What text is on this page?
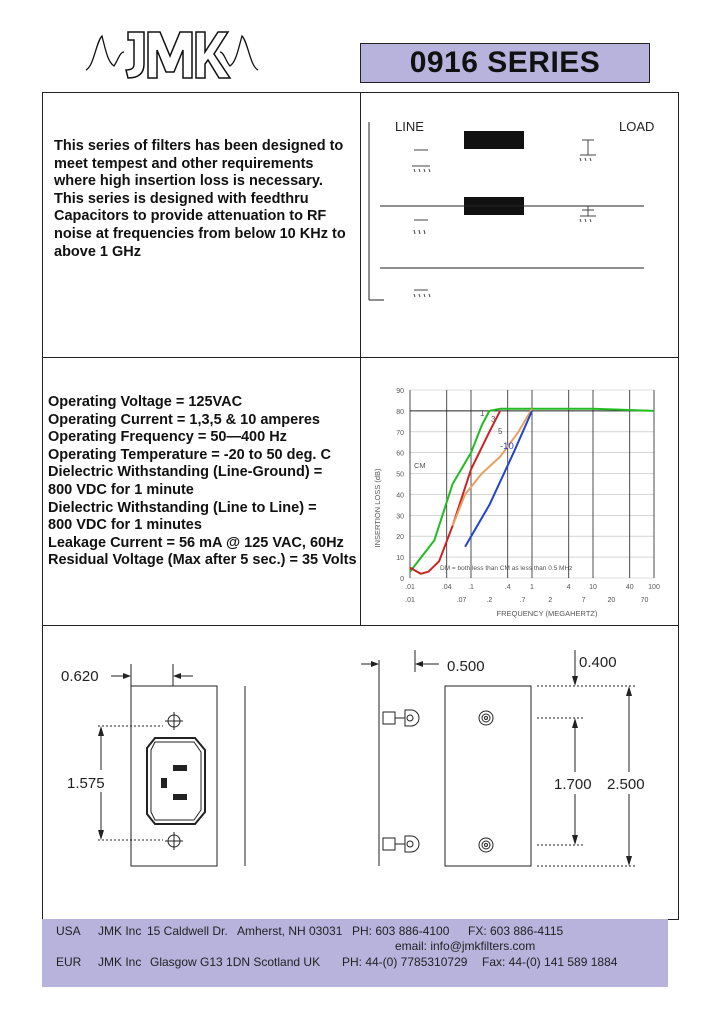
0916 SERIES
This series of filters has been designed to
meet tempest and other requirements
where high insertion loss is necessary.
This series is designed with feedthru
Capacitors to provide attenuation to RF
noise at frequencies from below 10 KHz to
above 1 GHz
LINE	LOAD
Operating Voltage = 125VAC
Operating Current = 1,3,5 & 10 amperes
Operating Frequency = 50—400 Hz
Operating Temperature = -20 to 50 deg. C
Dielectric Withstanding (Line-Ground) =
800 VDC for 1 minute
Dielectric Withstanding (Line to Line) =
800 VDC for 1 minutes
Leakage Current = 56 mA @ 125 VAC, 60Hz
Residual Voltage (Max after 5 sec.) = 35 Volts
0
10
20
30
40
50
60
70
80
90
.01	.04 .1	.4	1	4	10	40 100
.01	.07	.2	.7	2	7	20	70
INSERTION LOSS (dB)
FREQUENCY (MEGAHERTZ)
CM
DM = both less than CM as less than 0.5 MHz
1
3
5
-10
0.620
1.575
0.500	0.400
1.700 2.500
USA JMK Inc 15 Caldwell Dr. Amherst, NH 03031 PH: 603 886-4100 FX: 603 886-4115
email: info@jmkfilters.com
EUR JMK Inc Glasgow G13 1DN Scotland UK PH: 44-(0) 7785310729 Fax: 44-(0) 141 589 1884
